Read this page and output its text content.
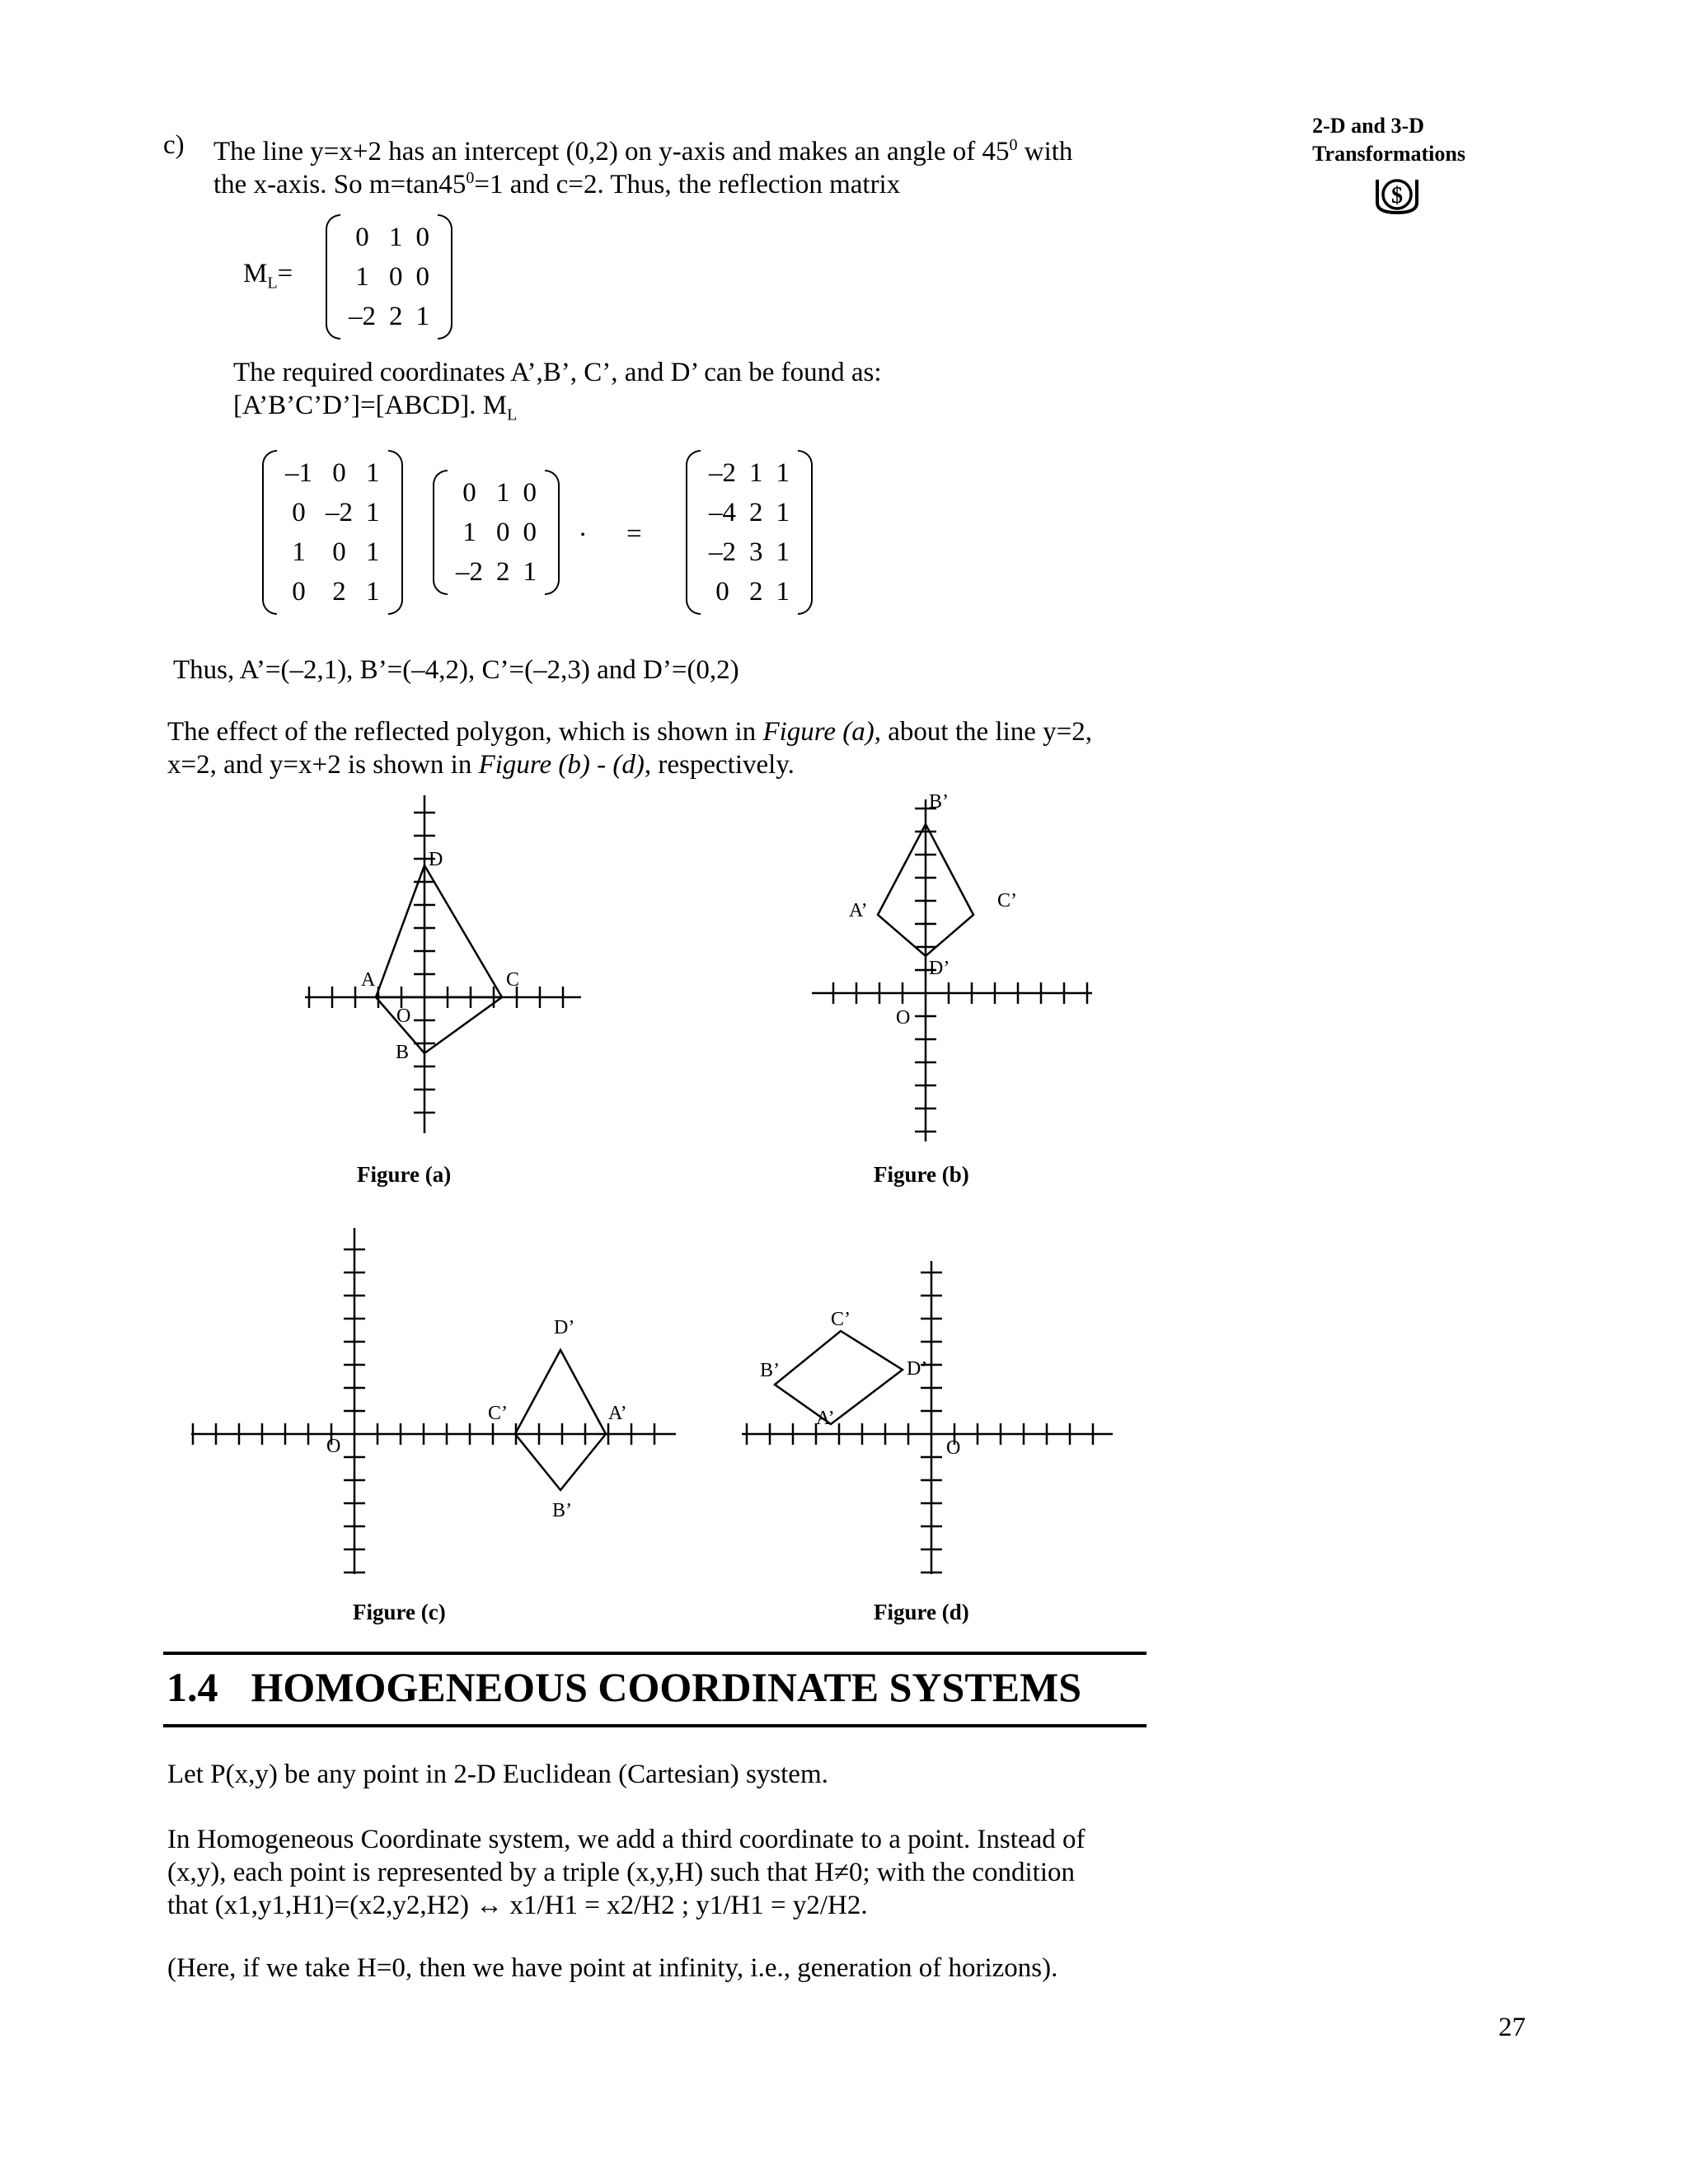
2-D and 3-D
Transformations
$
c) The line y=x+2 has an intercept (0,2) on y-axis and makes an angle of $45^0$ with
the x-axis. So $m=\tan 45^0=1$ and c=2. Thus, the reflection matrix
$M_L=$
0	1	0
1	0	0
–2	2	1
The required coordinates A’,B’, C’, and D’ can be found as:
[A’B’C’D’]=[ABCD]. $M_L$
–1	0	1
0	–2	1
1	0	1
0	2	1
0	1	0
1	0	0
–2	2	1
. =
–2	1	1
–4	2	1
–2	3	1
0	2	1
Thus, A’=(–2,1), B’=(–4,2), C’=(–2,3) and D’=(0,2)
The effect of the reflected polygon, which is shown in Figure (a), about the line y=2,
x=2, and y=x+2 is shown in Figure (b) - (d), respectively.
A
B
C
D
O
B’
A’	C’
D’
O
D’
C’	A’
B’
O
C’
B’	D’
A’
O
Figure (a)	Figure (b)
Figure (c)	Figure (d)
1.4 HOMOGENEOUS COORDINATE SYSTEMS
Let P(x,y) be any point in 2-D Euclidean (Cartesian) system.
In Homogeneous Coordinate system, we add a third coordinate to a point. Instead of
(x,y), each point is represented by a triple (x,y,H) such that H≠0; with the condition
that (x1,y1,H1)=(x2,y2,H2) ↔ x1/H1 = x2/H2 ; y1/H1 = y2/H2.
(Here, if we take H=0, then we have point at infinity, i.e., generation of horizons).
27
